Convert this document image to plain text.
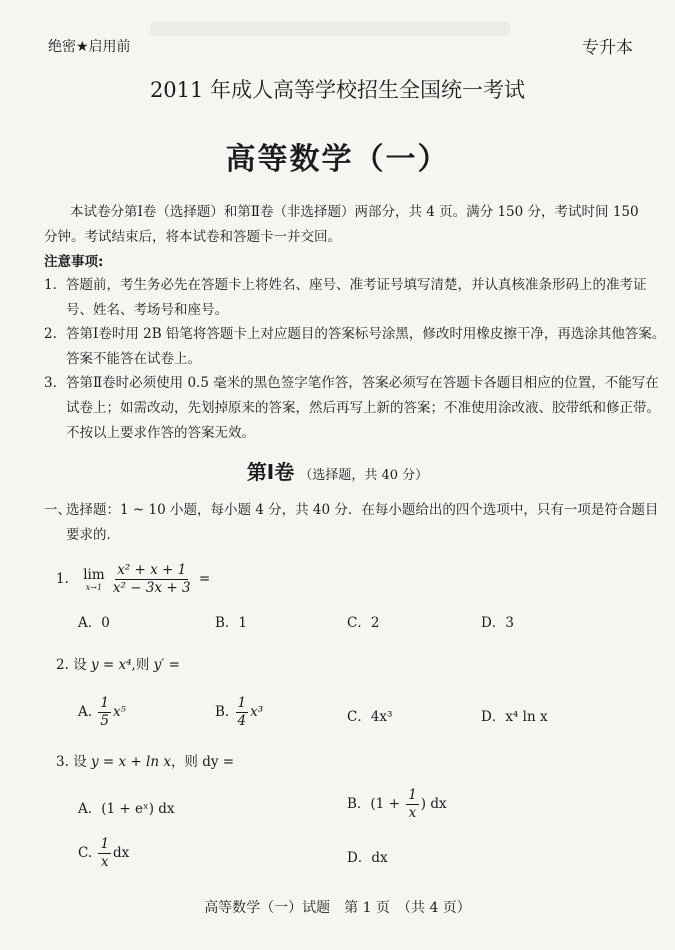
绝密★启用前	专升本
2011 年成人高等学校招生全国统一考试
高等数学（一）
本试卷分第Ⅰ卷（选择题）和第Ⅱ卷（非选择题）两部分，共 4 页。满分 150 分，考试时间 150 分钟。考试结束后，将本试卷和答题卡一并交回。
注意事项:
1. 答题前，考生务必先在答题卡上将姓名、座号、准考证号填写清楚，并认真核准条形码上的准考证号、姓名、考场号和座号。
2. 答第Ⅰ卷时用 2B 铅笔将答题卡上对应题目的答案标号涂黑，修改时用橡皮擦干净，再选涂其他答案。答案不能答在试卷上。
3. 答第Ⅱ卷时必须使用 0.5 毫米的黑色签字笔作答，答案必须写在答题卡各题目相应的位置，不能写在试卷上；如需改动，先划掉原来的答案，然后再写上新的答案；不准使用涂改液、胶带纸和修正带。不按以上要求作答的答案无效。
第Ⅰ卷 （选择题，共 40 分）
一、
选择题：1 ~ 10 小题，每小题 4 分，共 40 分．在每小题给出的四个选项中，只有一项是符合题目要求的．
1. lim
x→1
$\frac{\text{x² + x + 1}}{\text{x² − 3x + 3}}$ =
A．0	B．1	C．2	D．3
2. 设 y = x⁴,则 y′ =
A. $\frac{1}{5} x^5$	B. $\frac{1}{4} x^3$	C．4x³	D．x⁴ ln x
3. 设 y = x + ln x，则 dy =
A．(1 + eˣ) dx	B．($1 + \frac{1}{x}$ ) dx
C. $\frac{1}{x}$ dx	D．dx
高等数学（一）试题　第 1 页　（共 4 页）
